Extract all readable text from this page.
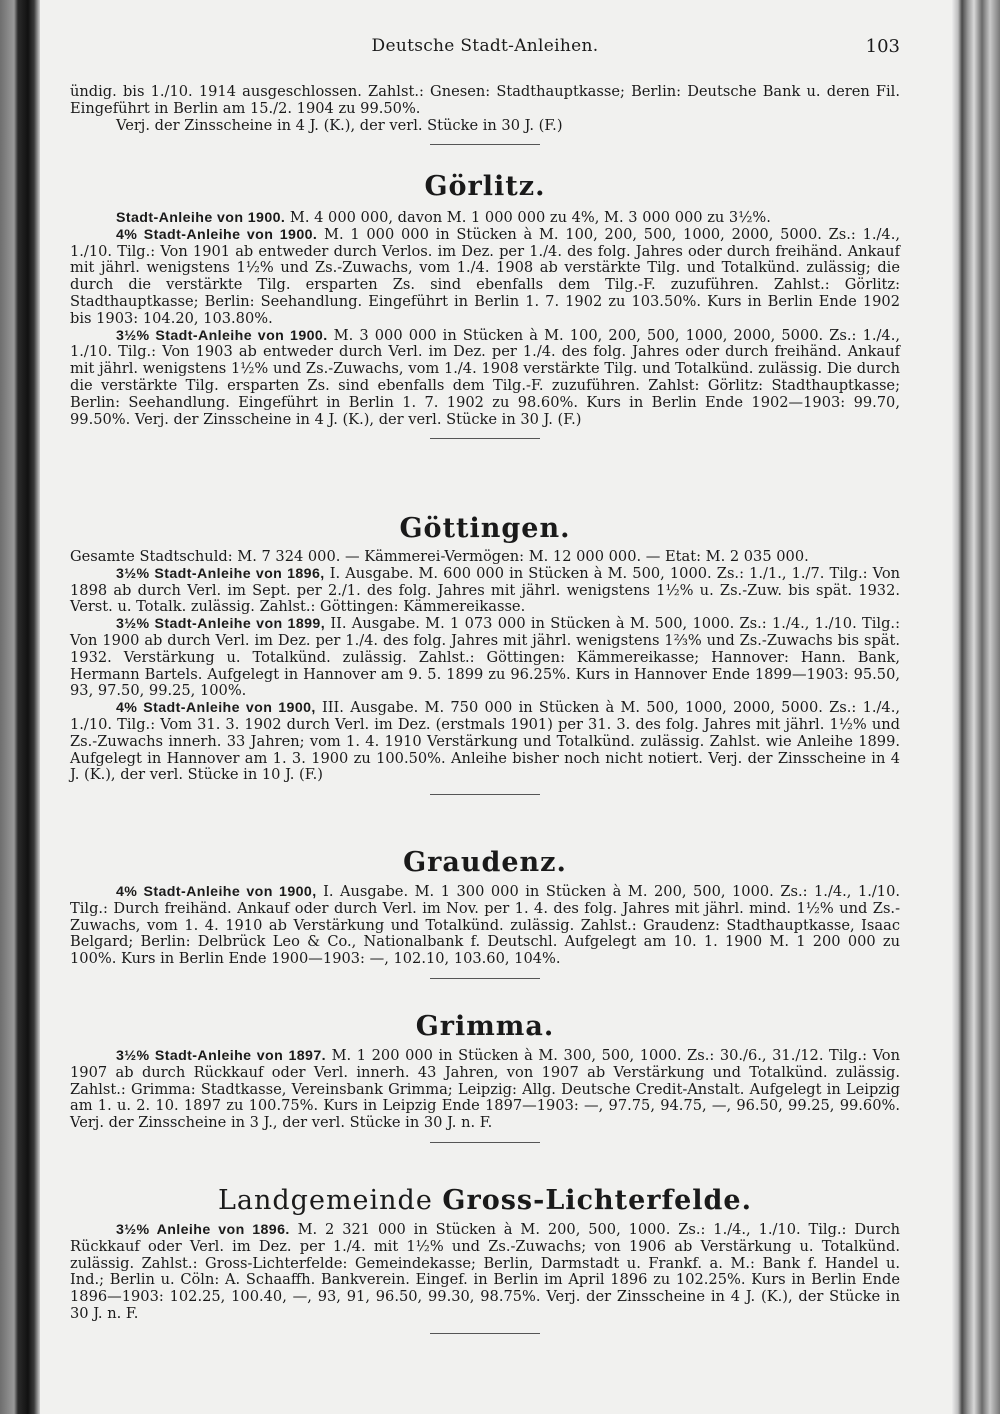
Deutsche Stadt-Anleihen.	103

ündig. bis 1./10. 1914 ausgeschlossen. Zahlst.: Gnesen: Stadthauptkasse; Berlin: Deutsche Bank u. deren Fil. Eingeführt in Berlin am 15./2. 1904 zu 99.50%.

Verj. der Zinsscheine in 4 J. (K.), der verl. Stücke in 30 J. (F.)

Görlitz.

Stadt-Anleihe von 1900. M. 4 000 000, davon M. 1 000 000 zu 4%, M. 3 000 000 zu 3½%.

4% Stadt-Anleihe von 1900. M. 1 000 000 in Stücken à M. 100, 200, 500, 1000, 2000, 5000. Zs.: 1./4., 1./10. Tilg.: Von 1901 ab entweder durch Verlos. im Dez. per 1./4. des folg. Jahres oder durch freihänd. Ankauf mit jährl. wenigstens 1½% und Zs.-Zuwachs, vom 1./4. 1908 ab verstärkte Tilg. und Totalkünd. zulässig; die durch die verstärkte Tilg. ersparten Zs. sind ebenfalls dem Tilg.-F. zuzuführen. Zahlst.: Görlitz: Stadthauptkasse; Berlin: Seehandlung. Eingeführt in Berlin 1. 7. 1902 zu 103.50%. Kurs in Berlin Ende 1902 bis 1903: 104.20, 103.80%.

3½% Stadt-Anleihe von 1900. M. 3 000 000 in Stücken à M. 100, 200, 500, 1000, 2000, 5000. Zs.: 1./4., 1./10. Tilg.: Von 1903 ab entweder durch Verl. im Dez. per 1./4. des folg. Jahres oder durch freihänd. Ankauf mit jährl. wenigstens 1½% und Zs.-Zuwachs, vom 1./4. 1908 verstärkte Tilg. und Totalkünd. zulässig. Die durch die verstärkte Tilg. ersparten Zs. sind ebenfalls dem Tilg.-F. zuzuführen. Zahlst: Görlitz: Stadthauptkasse; Berlin: Seehandlung. Eingeführt in Berlin 1. 7. 1902 zu 98.60%. Kurs in Berlin Ende 1902—1903: 99.70, 99.50%. Verj. der Zinsscheine in 4 J. (K.), der verl. Stücke in 30 J. (F.)

Göttingen.

Gesamte Stadtschuld: M. 7 324 000. — Kämmerei-Vermögen: M. 12 000 000. — Etat: M. 2 035 000.

3½% Stadt-Anleihe von 1896, I. Ausgabe. M. 600 000 in Stücken à M. 500, 1000. Zs.: 1./1., 1./7. Tilg.: Von 1898 ab durch Verl. im Sept. per 2./1. des folg. Jahres mit jährl. wenigstens 1½% u. Zs.-Zuw. bis spät. 1932. Verst. u. Totalk. zulässig. Zahlst.: Göttingen: Kämmereikasse.

3½% Stadt-Anleihe von 1899, II. Ausgabe. M. 1 073 000 in Stücken à M. 500, 1000. Zs.: 1./4., 1./10. Tilg.: Von 1900 ab durch Verl. im Dez. per 1./4. des folg. Jahres mit jährl. wenigstens 1⅔% und Zs.-Zuwachs bis spät. 1932. Verstärkung u. Totalkünd. zulässig. Zahlst.: Göttingen: Kämmereikasse; Hannover: Hann. Bank, Hermann Bartels. Aufgelegt in Hannover am 9. 5. 1899 zu 96.25%. Kurs in Hannover Ende 1899—1903: 95.50, 93, 97.50, 99.25, 100%.

4% Stadt-Anleihe von 1900, III. Ausgabe. M. 750 000 in Stücken à M. 500, 1000, 2000, 5000. Zs.: 1./4., 1./10. Tilg.: Vom 31. 3. 1902 durch Verl. im Dez. (erstmals 1901) per 31. 3. des folg. Jahres mit jährl. 1½% und Zs.-Zuwachs innerh. 33 Jahren; vom 1. 4. 1910 Verstärkung und Totalkünd. zulässig. Zahlst. wie Anleihe 1899. Aufgelegt in Hannover am 1. 3. 1900 zu 100.50%. Anleihe bisher noch nicht notiert. Verj. der Zinsscheine in 4 J. (K.), der verl. Stücke in 10 J. (F.)

Graudenz.

4% Stadt-Anleihe von 1900, I. Ausgabe. M. 1 300 000 in Stücken à M. 200, 500, 1000. Zs.: 1./4., 1./10. Tilg.: Durch freihänd. Ankauf oder durch Verl. im Nov. per 1. 4. des folg. Jahres mit jährl. mind. 1½% und Zs.-Zuwachs, vom 1. 4. 1910 ab Verstärkung und Totalkünd. zulässig. Zahlst.: Graudenz: Stadthauptkasse, Isaac Belgard; Berlin: Delbrück Leo & Co., Nationalbank f. Deutschl. Aufgelegt am 10. 1. 1900 M. 1 200 000 zu 100%. Kurs in Berlin Ende 1900—1903: —, 102.10, 103.60, 104%.

Grimma.

3½% Stadt-Anleihe von 1897. M. 1 200 000 in Stücken à M. 300, 500, 1000. Zs.: 30./6., 31./12. Tilg.: Von 1907 ab durch Rückkauf oder Verl. innerh. 43 Jahren, von 1907 ab Verstärkung und Totalkünd. zulässig. Zahlst.: Grimma: Stadtkasse, Vereinsbank Grimma; Leipzig: Allg. Deutsche Credit-Anstalt. Aufgelegt in Leipzig am 1. u. 2. 10. 1897 zu 100.75%. Kurs in Leipzig Ende 1897—1903: —, 97.75, 94.75, —, 96.50, 99.25, 99.60%. Verj. der Zinsscheine in 3 J., der verl. Stücke in 30 J. n. F.

Landgemeinde Gross-Lichterfelde.

3½% Anleihe von 1896. M. 2 321 000 in Stücken à M. 200, 500, 1000. Zs.: 1./4., 1./10. Tilg.: Durch Rückkauf oder Verl. im Dez. per 1./4. mit 1½% und Zs.-Zuwachs; von 1906 ab Verstärkung u. Totalkünd. zulässig. Zahlst.: Gross-Lichterfelde: Gemeindekasse; Berlin, Darmstadt u. Frankf. a. M.: Bank f. Handel u. Ind.; Berlin u. Cöln: A. Schaaffh. Bankverein. Eingef. in Berlin im April 1896 zu 102.25%. Kurs in Berlin Ende 1896—1903: 102.25, 100.40, —, 93, 91, 96.50, 99.30, 98.75%. Verj. der Zinsscheine in 4 J. (K.), der Stücke in 30 J. n. F.
